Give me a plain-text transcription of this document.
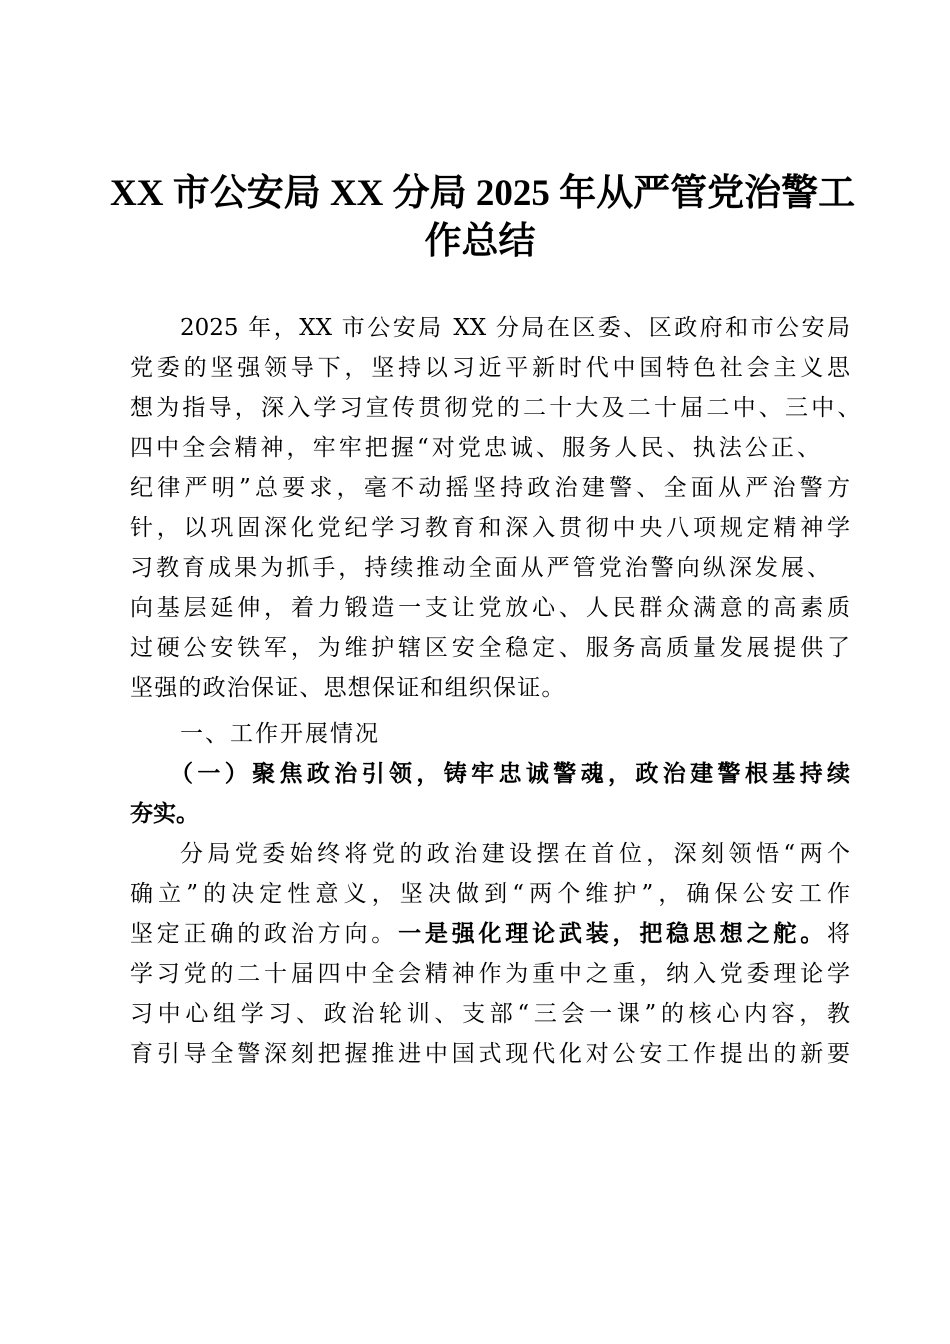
XX 市公安局 XX 分局 2025 年从严管党治警工
作总结
2025 年，XX 市公安局 XX 分局在区委、区政府和市公安局
党委的坚强领导下，坚持以习近平新时代中国特色社会主义思
想为指导，深入学习宣传贯彻党的二十大及二十届二中、三中、
四中全会精神，牢牢把握“对党忠诚、服务人民、执法公正、
纪律严明”总要求，毫不动摇坚持政治建警、全面从严治警方
针，以巩固深化党纪学习教育和深入贯彻中央八项规定精神学
习教育成果为抓手，持续推动全面从严管党治警向纵深发展、
向基层延伸，着力锻造一支让党放心、人民群众满意的高素质
过硬公安铁军，为维护辖区安全稳定、服务高质量发展提供了
坚强的政治保证、思想保证和组织保证。
一、工作开展情况
（一）聚焦政治引领，铸牢忠诚警魂，政治建警根基持续
夯实。
分局党委始终将党的政治建设摆在首位，深刻领悟“两个
确立”的决定性意义，坚决做到“两个维护”，确保公安工作
坚定正确的政治方向。一是强化理论武装，把稳思想之舵。将
学习党的二十届四中全会精神作为重中之重，纳入党委理论学
习中心组学习、政治轮训、支部“三会一课”的核心内容，教
育引导全警深刻把握推进中国式现代化对公安工作提出的新要
